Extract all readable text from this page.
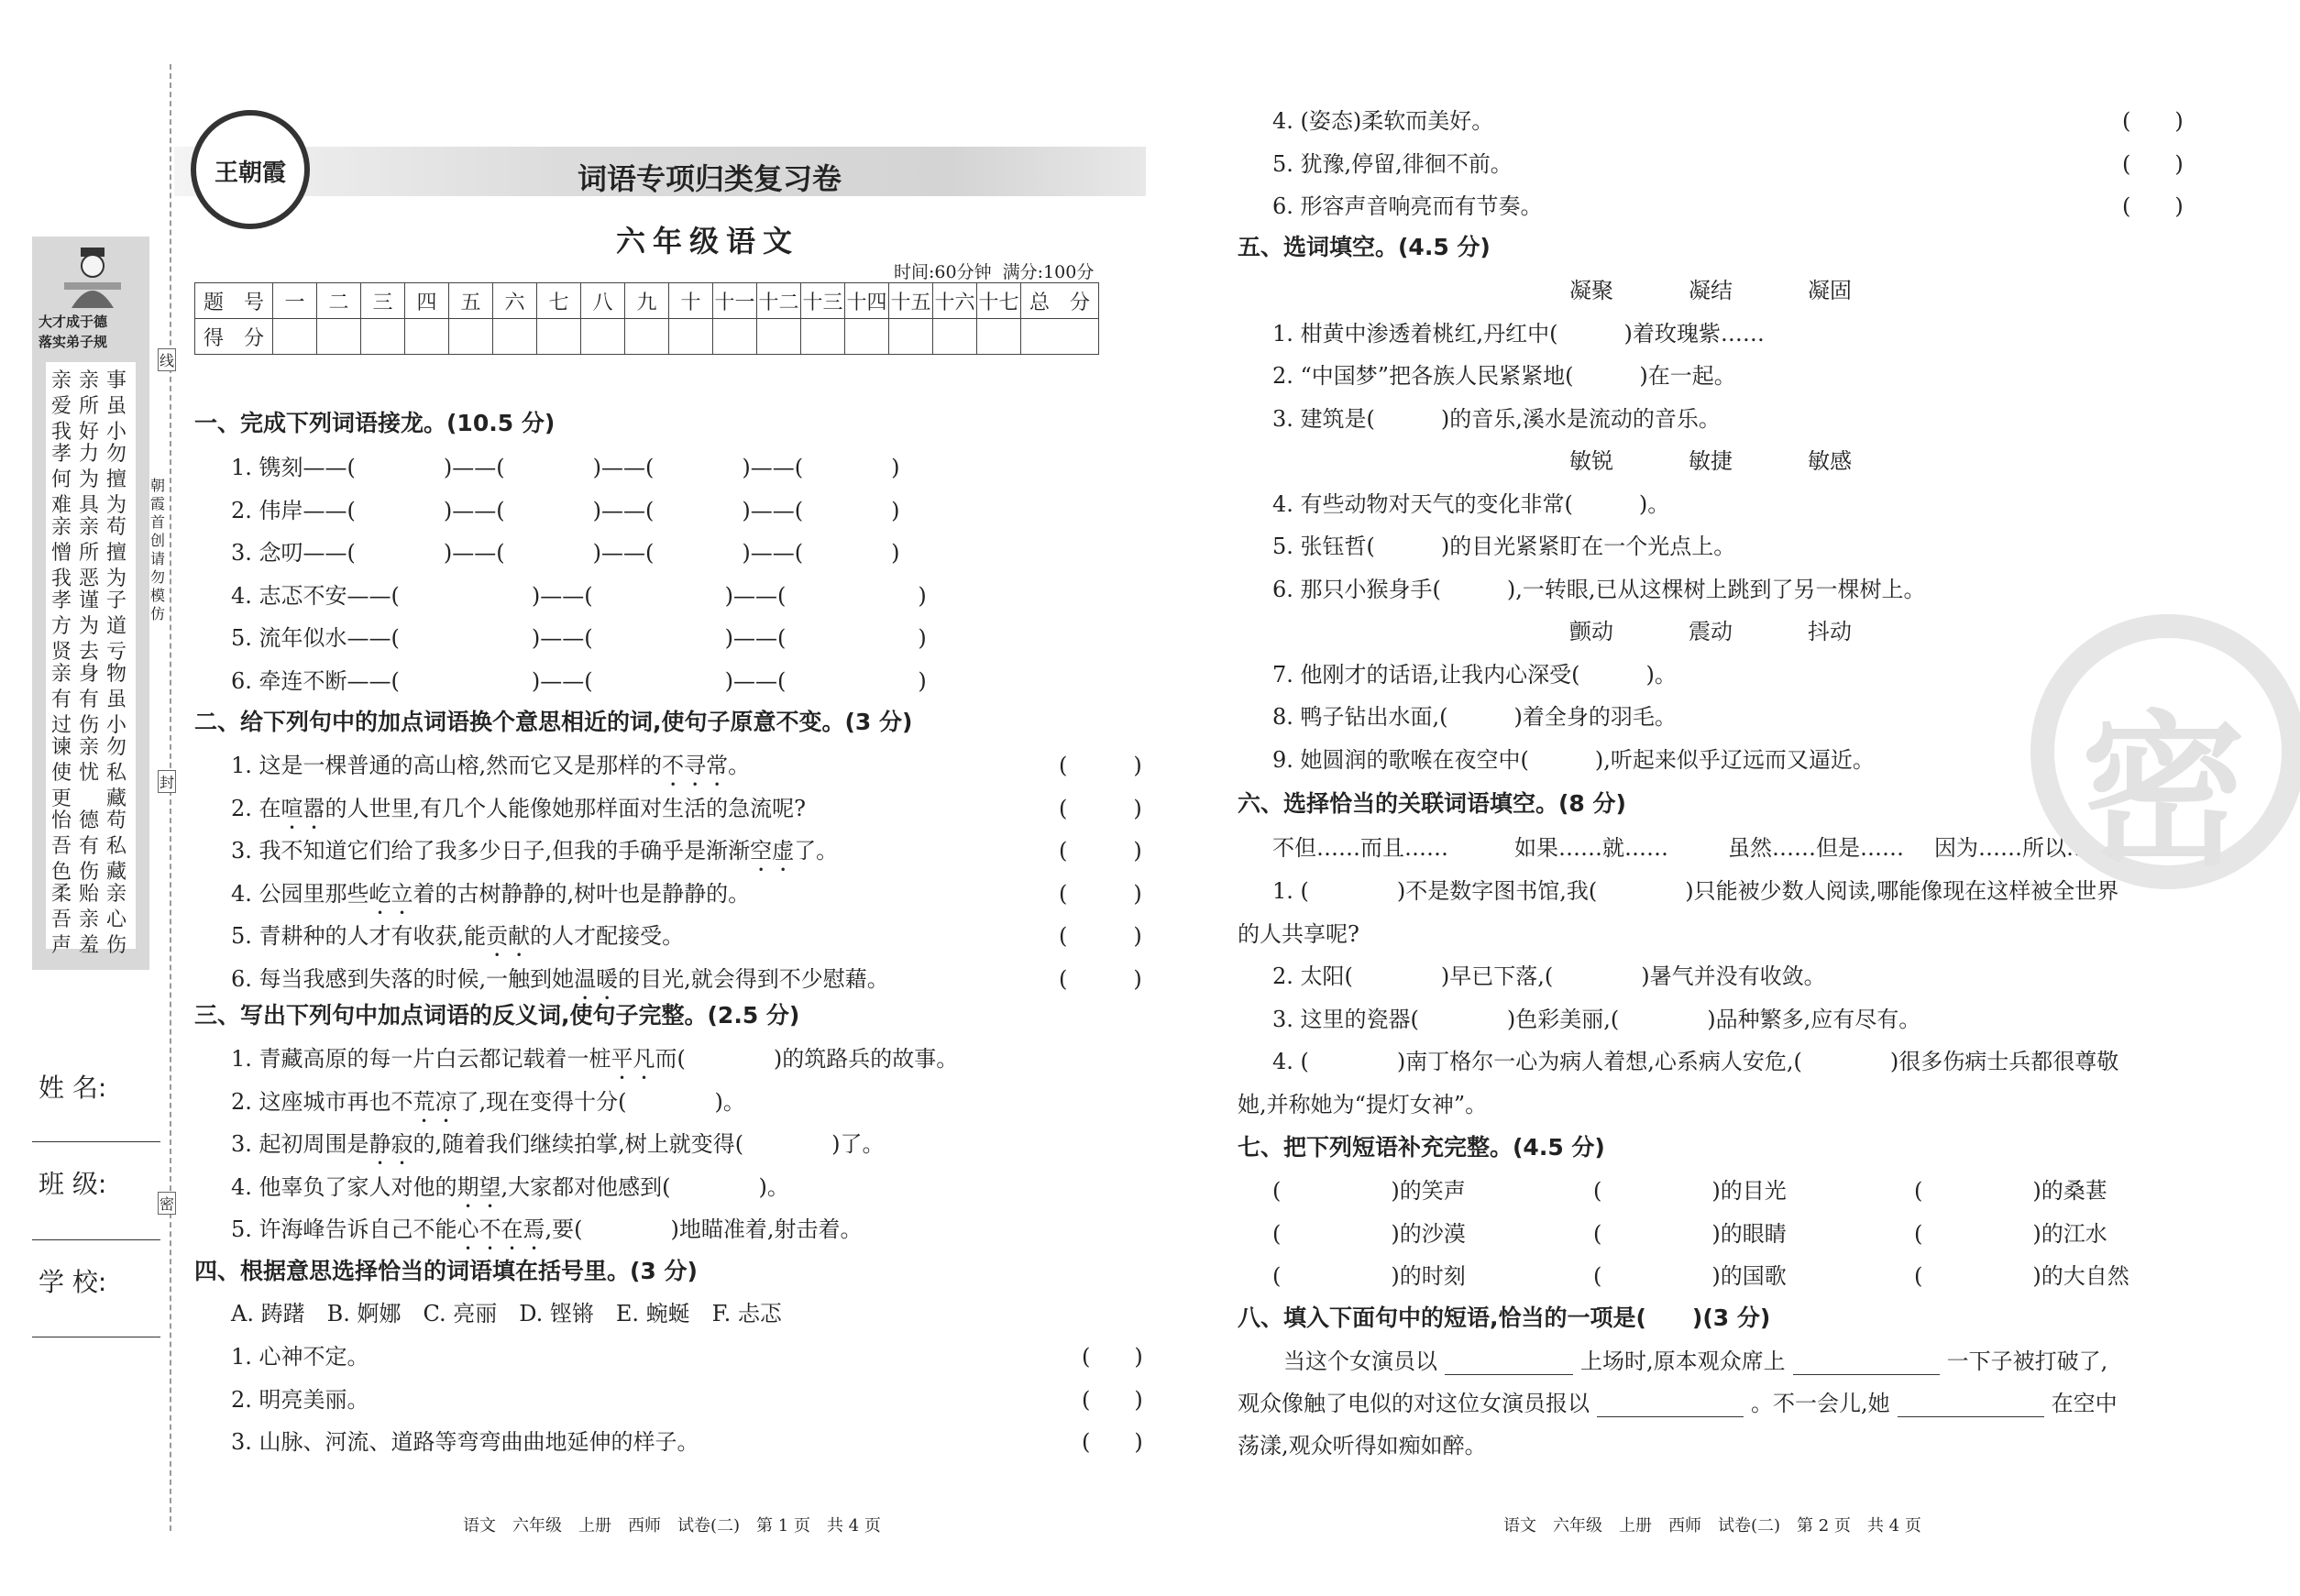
线
封
密
大才成于德
落实弟子规
亲爱我
亲所好
事虽小
孝何难
力为具
勿擅为
亲憎我
亲所恶
苟擅为
孝方贤
谨为去
子道亏
亲有过
身有伤
物虽小
谏使更
亲忧
勿私藏
怡吾色
德有伤
苟私藏
柔吾声
贻亲羞
亲心伤
朝霞首创 请勿模仿
姓 名:
班 级:
学 校:
王朝霞	词语专项归类复习卷
六年级语文
时间:60分钟  满分:100分
题　号	一	二	三	四	五	六	七	八	九	十	十一	十二	十三	十四	十五	十六	十七	总　分
得　分																		
一、完成下列词语接龙。(10.5 分)
1. 镌刻——(　　　　)——(　　　　)——(　　　　)——(　　　　)
2. 伟岸——(　　　　)——(　　　　)——(　　　　)——(　　　　)
3. 念叨——(　　　　)——(　　　　)——(　　　　)——(　　　　)
4. 志忑不安——(　　　　　　)——(　　　　　　)——(　　　　　　)
5. 流年似水——(　　　　　　)——(　　　　　　)——(　　　　　　)
6. 牵连不断——(　　　　　　)——(　　　　　　)——(　　　　　　)
二、给下列句中的加点词语换个意思相近的词,使句子原意不变。(3 分)
1. 这是一棵普通的高山榕,然而它又是那样的不寻常。	(　　　)
2. 在喧嚣的人世里,有几个人能像她那样面对生活的急流呢?	(　　　)
3. 我不知道它们给了我多少日子,但我的手确乎是渐渐空虚了。	(　　　)
4. 公园里那些屹立着的古树静静的,树叶也是静静的。	(　　　)
5. 青耕种的人才有收获,能贡献的人才配接受。	(　　　)
6. 每当我感到失落的时候,一触到她温暖的目光,就会得到不少慰藉。	(　　　)
三、写出下列句中加点词语的反义词,使句子完整。(2.5 分)
1. 青藏高原的每一片白云都记载着一桩平凡而(　　　　)的筑路兵的故事。
2. 这座城市再也不荒凉了,现在变得十分(　　　　)。
3. 起初周围是静寂的,随着我们继续拍掌,树上就变得(　　　　)了。
4. 他辜负了家人对他的期望,大家都对他感到(　　　　)。
5. 许海峰告诉自己不能心不在焉,要(　　　　)地瞄准着,射击着。
四、根据意思选择恰当的词语填在括号里。(3 分)
A. 踌躇　B. 婀娜　C. 亮丽　D. 铿锵　E. 蜿蜒　F. 忐忑
1. 心神不定。	(　　)
2. 明亮美丽。	(　　)
3. 山脉、河流、道路等弯弯曲曲地延伸的样子。	(　　)
4. (姿态)柔软而美好。	(　　)
5. 犹豫,停留,徘徊不前。	(　　)
6. 形容声音响亮而有节奏。	(　　)
五、选词填空。(4.5 分)
凝聚	凝结	凝固
1. 柑黄中渗透着桃红,丹红中(　　　)着玫瑰紫……
2. “中国梦”把各族人民紧紧地(　　　)在一起。
3. 建筑是(　　　)的音乐,溪水是流动的音乐。
敏锐	敏捷	敏感
4. 有些动物对天气的变化非常(　　　)。
5. 张钰哲(　　　)的目光紧紧盯在一个光点上。
6. 那只小猴身手(　　　),一转眼,已从这棵树上跳到了另一棵树上。
颤动	震动	抖动
7. 他刚才的话语,让我内心深受(　　　)。
8. 鸭子钻出水面,(　　　)着全身的羽毛。
9. 她圆润的歌喉在夜空中(　　　),听起来似乎辽远而又逼近。
六、选择恰当的关联词语填空。(8 分)
不但……而且……	如果……就……	虽然……但是…… 因为……所以……
1. (　　　　)不是数字图书馆,我(　　　　)只能被少数人阅读,哪能像现在这样被全世界
的人共享呢?
2. 太阳(　　　　)早已下落,(　　　　)暑气并没有收敛。
3. 这里的瓷器(　　　　)色彩美丽,(　　　　)品种繁多,应有尽有。
4. (　　　　)南丁格尔一心为病人着想,心系病人安危,(　　　　)很多伤病士兵都很尊敬
她,并称她为“提灯女神”。
七、把下列短语补充完整。(4.5 分)
(　　　　　)的笑声	(　　　　　)的目光	(　　　　　)的桑葚
(　　　　　)的沙漠	(　　　　　)的眼睛	(　　　　　)的江水
(　　　　　)的时刻	(　　　　　)的国歌	(　　　　　)的大自然
八、填入下面句中的短语,恰当的一项是(　　)(3 分)
当这个女演员以	上场时,原本观众席上	一下子被打破了,
观众像触了电似的对这位女演员报以	。不一会儿,她	在空中
荡漾,观众听得如痴如醉。
密
语文　六年级　上册　西师　试卷(二)　第 1 页　共 4 页	语文　六年级　上册　西师　试卷(二)　第 2 页　共 4 页
